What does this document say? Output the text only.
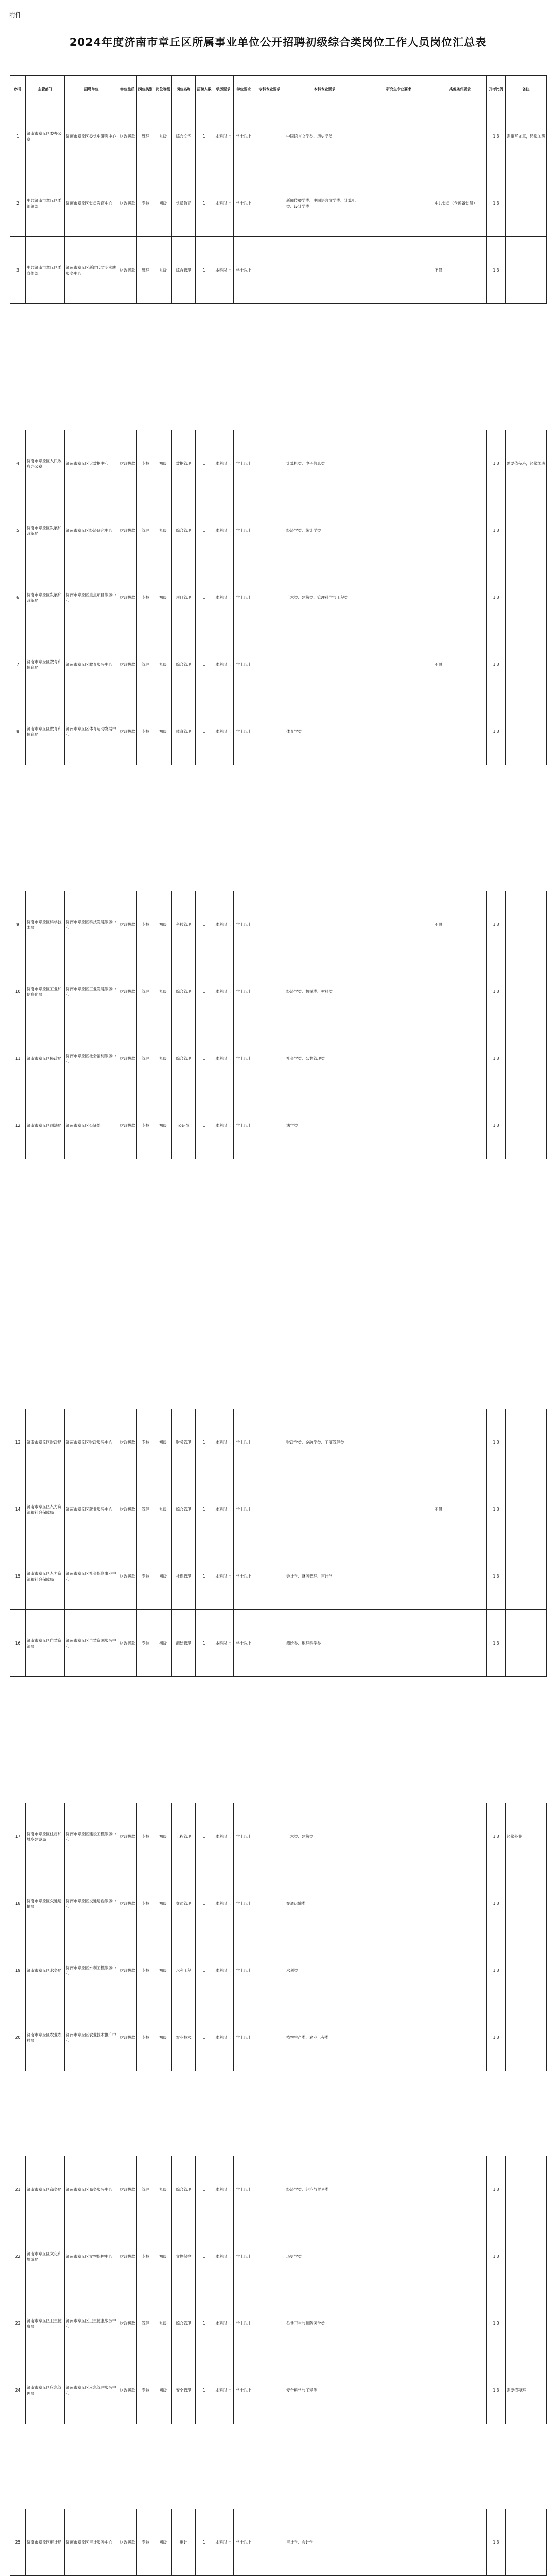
附件
2024年度济南市章丘区所属事业单位公开招聘初级综合类岗位工作人员岗位汇总表
序号	主管部门	招聘单位	单位性质	岗位类别	岗位等级	岗位名称	招聘人数	学历要求	学位要求	专科专业要求	本科专业要求	研究生专业要求	其他条件要求	开考比例	备注
1	济南市章丘区委办公室	济南市章丘区委党史研究中心	财政拨款	管理	九级	综合文字	1	本科以上	学士以上		中国语言文学类、历史学类			1:3	需撰写文章，经常加班
2	中共济南市章丘区委组织部	济南市章丘区党员教育中心	财政拨款	专技	初级	党员教育	1	本科以上	学士以上		新闻传播学类、中国语言文学类、计算机类、设计学类		中共党员（含预备党员）	1:3	
3	中共济南市章丘区委宣传部	济南市章丘区新时代文明实践服务中心	财政拨款	管理	九级	综合管理	1	本科以上	学士以上				不限	1:3	

4	济南市章丘区人民政府办公室	济南市章丘区大数据中心	财政拨款	专技	初级	数据管理	1	本科以上	学士以上		计算机类、电子信息类			1:3	需要值夜班，经常加班
5	济南市章丘区发展和改革局	济南市章丘区经济研究中心	财政拨款	管理	九级	综合管理	1	本科以上	学士以上		经济学类、统计学类			1:3	
6	济南市章丘区发展和改革局	济南市章丘区重点项目服务中心	财政拨款	专技	初级	项目管理	1	本科以上	学士以上		土木类、建筑类、管理科学与工程类			1:3	
7	济南市章丘区教育和体育局	济南市章丘区教育服务中心	财政拨款	管理	九级	综合管理	1	本科以上	学士以上				不限	1:3	
8	济南市章丘区教育和体育局	济南市章丘区体育运动发展中心	财政拨款	专技	初级	体育管理	1	本科以上	学士以上		体育学类			1:3	

9	济南市章丘区科学技术局	济南市章丘区科技发展服务中心	财政拨款	专技	初级	科技管理	1	本科以上	学士以上				不限	1:3	
10	济南市章丘区工业和信息化局	济南市章丘区工业发展服务中心	财政拨款	管理	九级	综合管理	1	本科以上	学士以上		经济学类、机械类、材料类			1:3	
11	济南市章丘区民政局	济南市章丘区社会福利服务中心	财政拨款	管理	九级	综合管理	1	本科以上	学士以上		社会学类、公共管理类			1:3	
12	济南市章丘区司法局	济南市章丘区公证处	财政拨款	专技	初级	公证员	1	本科以上	学士以上		法学类			1:3	

13	济南市章丘区财政局	济南市章丘区财政服务中心	财政拨款	专技	初级	财务管理	1	本科以上	学士以上		财政学类、金融学类、工商管理类			1:3	
14	济南市章丘区人力资源和社会保障局	济南市章丘区就业服务中心	财政拨款	管理	九级	综合管理	1	本科以上	学士以上				不限	1:3	
15	济南市章丘区人力资源和社会保障局	济南市章丘区社会保险事业中心	财政拨款	专技	初级	社保管理	1	本科以上	学士以上		会计学、财务管理、审计学			1:3	
16	济南市章丘区自然资源局	济南市章丘区自然资源服务中心	财政拨款	专技	初级	测绘管理	1	本科以上	学士以上		测绘类、地理科学类			1:3	

17	济南市章丘区住房和城乡建设局	济南市章丘区建设工程服务中心	财政拨款	专技	初级	工程管理	1	本科以上	学士以上		土木类、建筑类			1:3	经常外业
18	济南市章丘区交通运输局	济南市章丘区交通运输服务中心	财政拨款	专技	初级	交通管理	1	本科以上	学士以上		交通运输类			1:3	
19	济南市章丘区水务局	济南市章丘区水利工程服务中心	财政拨款	专技	初级	水利工程	1	本科以上	学士以上		水利类			1:3	
20	济南市章丘区农业农村局	济南市章丘区农业技术推广中心	财政拨款	专技	初级	农业技术	1	本科以上	学士以上		植物生产类、农业工程类			1:3	

21	济南市章丘区商务局	济南市章丘区商务服务中心	财政拨款	管理	九级	综合管理	1	本科以上	学士以上		经济学类、经济与贸易类			1:3	
22	济南市章丘区文化和旅游局	济南市章丘区文物保护中心	财政拨款	专技	初级	文物保护	1	本科以上	学士以上		历史学类			1:3	
23	济南市章丘区卫生健康局	济南市章丘区卫生健康服务中心	财政拨款	管理	九级	综合管理	1	本科以上	学士以上		公共卫生与预防医学类			1:3	
24	济南市章丘区应急管理局	济南市章丘区应急管理服务中心	财政拨款	专技	初级	安全管理	1	本科以上	学士以上		安全科学与工程类			1:3	需要值夜班

25	济南市章丘区审计局	济南市章丘区审计服务中心	财政拨款	专技	初级	审计	1	本科以上	学士以上		审计学、会计学			1:3	
